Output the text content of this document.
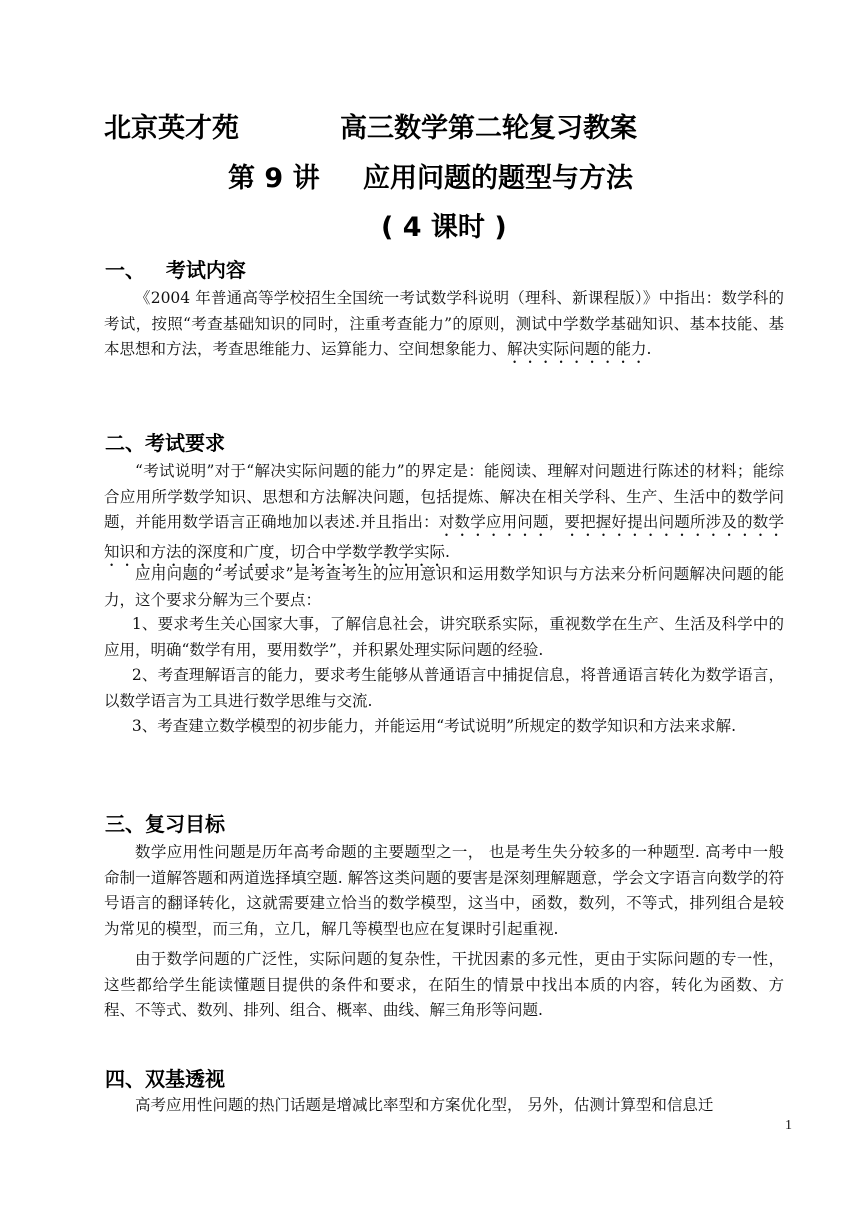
北京英才苑	高三数学第二轮复习教案
第 9 讲 应用问题的题型与方法
( 4 课时 )
一、   考试内容
《2004 年普通高等学校招生全国统一考试数学科说明（理科、新课程版）》中指出：数学科的考试，按照“考查基础知识的同时，注重考查能力”的原则，测试中学数学基础知识、基本技能、基本思想和方法，考查思维能力、运算能力、空间想象能力、解决实际问题的能力.
二、考试要求
“考试说明”对于“解决实际问题的能力”的界定是：能阅读、理解对问题进行陈述的材料；能综合应用所学数学知识、思想和方法解决问题，包括提炼、解决在相关学科、生产、生活中的数学问题，并能用数学语言正确地加以表述.并且指出：对数学应用问题，要把握好提出问题所涉及的数学知识和方法的深度和广度，切合中学数学教学实际.
应用问题的“考试要求”是考查考生的应用意识和运用数学知识与方法来分析问题解决问题的能力，这个要求分解为三个要点：
1、要求考生关心国家大事，了解信息社会，讲究联系实际，重视数学在生产、生活及科学中的应用，明确“数学有用，要用数学”，并积累处理实际问题的经验.
2、考查理解语言的能力，要求考生能够从普通语言中捕捉信息，将普通语言转化为数学语言，以数学语言为工具进行数学思维与交流.
3、考查建立数学模型的初步能力，并能运用“考试说明”所规定的数学知识和方法来求解.
三、复习目标
数学应用性问题是历年高考命题的主要题型之一， 也是考生失分较多的一种题型. 高考中一般命制一道解答题和两道选择填空题. 解答这类问题的要害是深刻理解题意，学会文字语言向数学的符号语言的翻译转化，这就需要建立恰当的数学模型，这当中，函数，数列，不等式，排列组合是较为常见的模型，而三角，立几，解几等模型也应在复课时引起重视.
由于数学问题的广泛性，实际问题的复杂性，干扰因素的多元性，更由于实际问题的专一性，这些都给学生能读懂题目提供的条件和要求，在陌生的情景中找出本质的内容，转化为函数、方程、不等式、数列、排列、组合、概率、曲线、解三角形等问题.
四、双基透视
高考应用性问题的热门话题是增减比率型和方案优化型， 另外，估测计算型和信息迁
1
